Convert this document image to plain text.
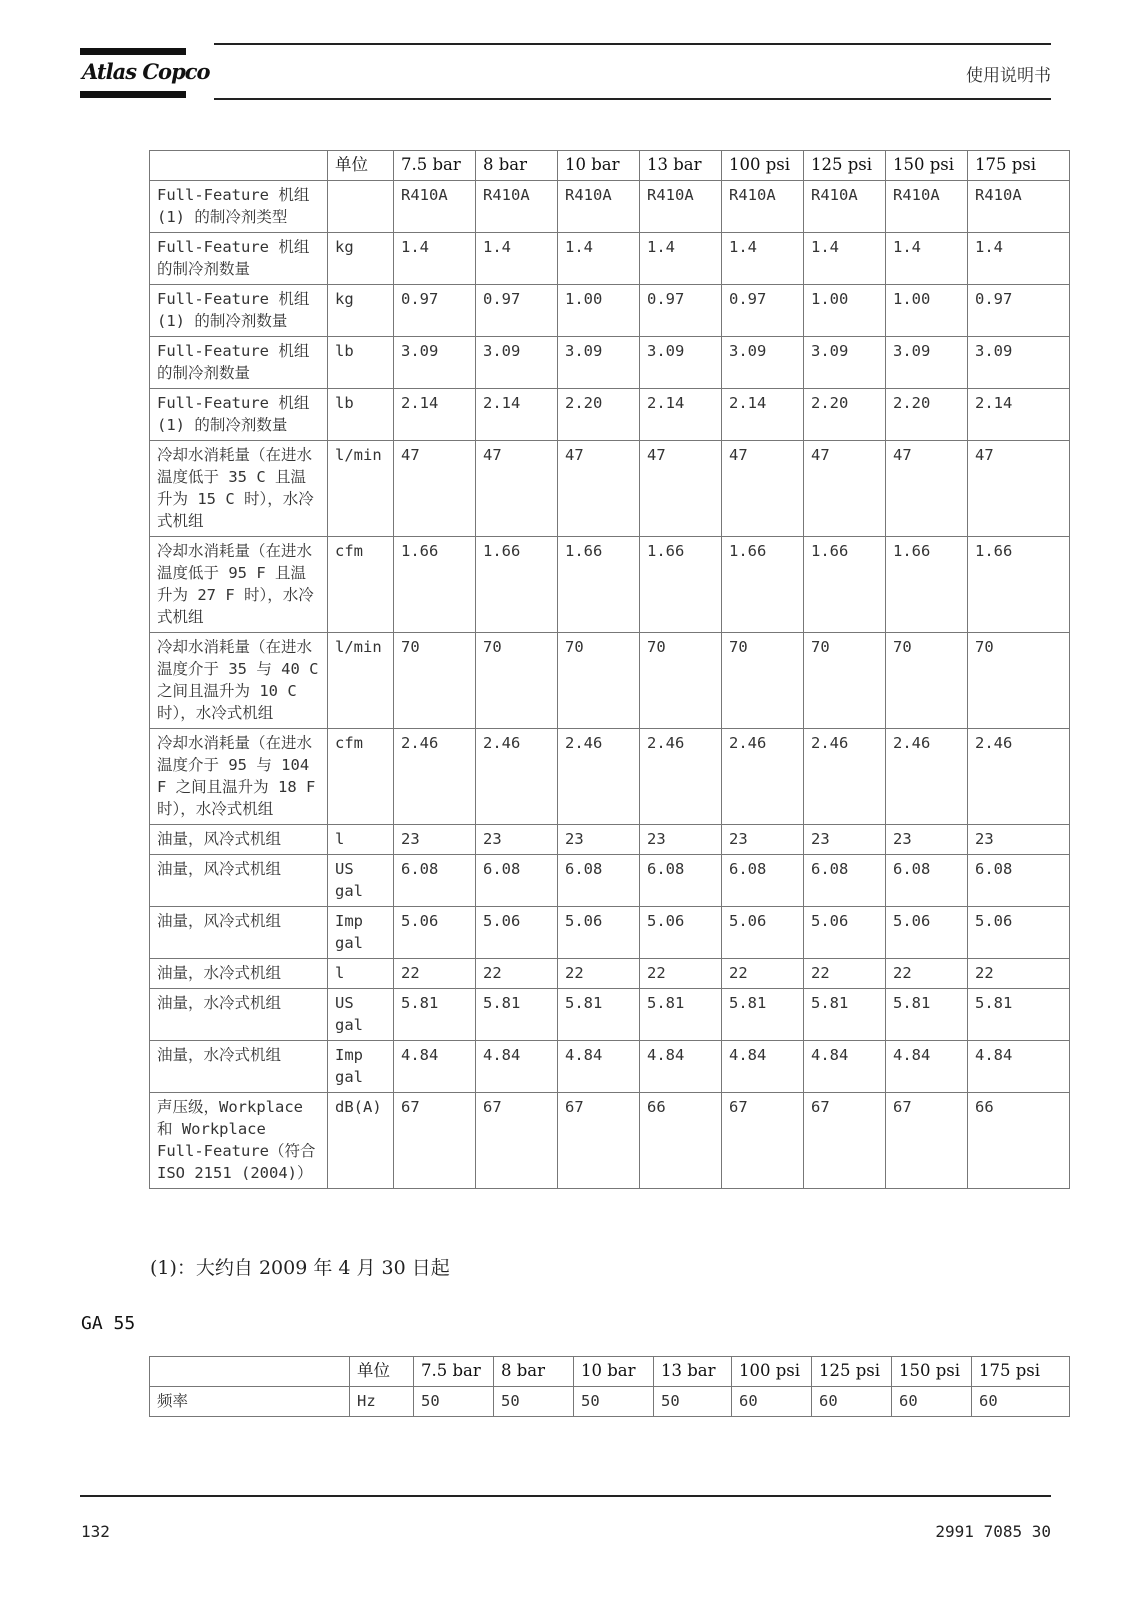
Atlas Copco	使用说明书
	单位	7.5 bar	8 bar	10 bar	13 bar	100 psi	125 psi	150 psi	175 psi
Full-Feature 机组(1) 的制冷剂类型		R410A	R410A	R410A	R410A	R410A	R410A	R410A	R410A
Full-Feature 机组的制冷剂数量	kg	1.4	1.4	1.4	1.4	1.4	1.4	1.4	1.4
Full-Feature 机组(1) 的制冷剂数量	kg	0.97	0.97	1.00	0.97	0.97	1.00	1.00	0.97
Full-Feature 机组的制冷剂数量	lb	3.09	3.09	3.09	3.09	3.09	3.09	3.09	3.09
Full-Feature 机组(1) 的制冷剂数量	lb	2.14	2.14	2.20	2.14	2.14	2.20	2.20	2.14
冷却水消耗量（在进水温度低于 35 C 且温升为 15 C 时），水冷式机组	l/min	47	47	47	47	47	47	47	47
冷却水消耗量（在进水温度低于 95 F 且温升为 27 F 时），水冷式机组	cfm	1.66	1.66	1.66	1.66	1.66	1.66	1.66	1.66
冷却水消耗量（在进水温度介于 35 与 40 C 之间且温升为 10 C 时），水冷式机组	l/min	70	70	70	70	70	70	70	70
冷却水消耗量（在进水温度介于 95 与 104 F 之间且温升为 18 F 时），水冷式机组	cfm	2.46	2.46	2.46	2.46	2.46	2.46	2.46	2.46
油量，风冷式机组	l	23	23	23	23	23	23	23	23
油量，风冷式机组	US gal	6.08	6.08	6.08	6.08	6.08	6.08	6.08	6.08
油量，风冷式机组	Imp gal	5.06	5.06	5.06	5.06	5.06	5.06	5.06	5.06
油量，水冷式机组	l	22	22	22	22	22	22	22	22
油量，水冷式机组	US gal	5.81	5.81	5.81	5.81	5.81	5.81	5.81	5.81
油量，水冷式机组	Imp gal	4.84	4.84	4.84	4.84	4.84	4.84	4.84	4.84
声压级，Workplace 和 Workplace Full-Feature（符合 ISO 2151 (2004)）	dB(A)	67	67	67	66	67	67	67	66
(1)：大约自 2009 年 4 月 30 日起
GA 55
	单位	7.5 bar	8 bar	10 bar	13 bar	100 psi	125 psi	150 psi	175 psi
频率	Hz	50	50	50	50	60	60	60	60
132	2991 7085 30
